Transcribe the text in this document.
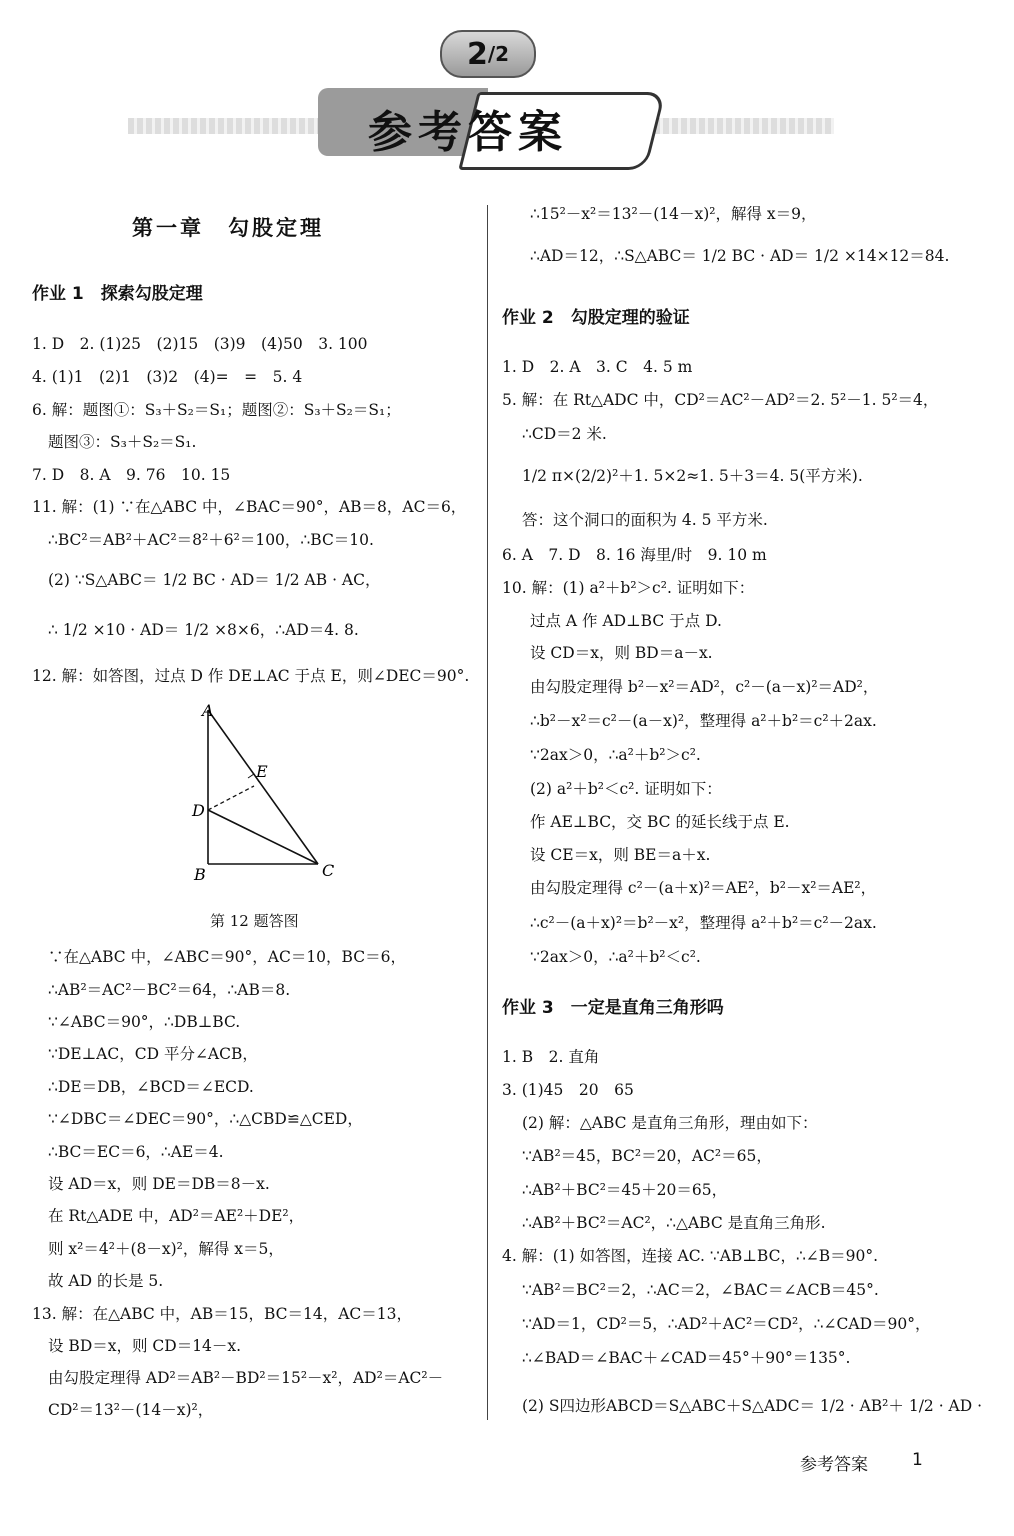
2 /2
参考答案
第一章　勾股定理
作业 1　探索勾股定理
1. D　2. (1)25　(2)15　(3)9　(4)50　3. 100
4. (1)1　(2)1　(3)2　(4)=　=　5. 4
6. 解：题图①：S₃＋S₂＝S₁；题图②：S₃＋S₂＝S₁；
题图③：S₃＋S₂＝S₁.
7. D　8. A　9. 76　10. 15
11. 解：(1) ∵在△ABC 中，∠BAC＝90°，AB＝8，AC＝6，
∴BC²＝AB²＋AC²＝8²＋6²＝100，∴BC＝10.
(2) ∵S△ABC＝ 1/2 BC · AD＝ 1/2 AB · AC，
∴ 1/2 ×10 · AD＝ 1/2 ×8×6，∴AD＝4. 8.
12. 解：如答图，过点 D 作 DE⊥AC 于点 E，则∠DEC＝90°.
A
D
E
B	C
第 12 题答图
∵在△ABC 中，∠ABC＝90°，AC＝10，BC＝6，
∴AB²＝AC²－BC²＝64，∴AB＝8.
∵∠ABC＝90°，∴DB⊥BC.
∵DE⊥AC，CD 平分∠ACB，
∴DE＝DB，∠BCD＝∠ECD.
∵∠DBC＝∠DEC＝90°，∴△CBD≌△CED，
∴BC＝EC＝6，∴AE＝4.
设 AD＝x，则 DE＝DB＝8－x.
在 Rt△ADE 中，AD²＝AE²＋DE²，
则 x²＝4²＋(8－x)²，解得 x＝5，
故 AD 的长是 5.
13. 解：在△ABC 中，AB＝15，BC＝14，AC＝13，
设 BD＝x，则 CD＝14－x.
由勾股定理得 AD²＝AB²－BD²＝15²－x²，AD²＝AC²－
CD²＝13²－(14－x)²，
∴15²－x²＝13²－(14－x)²，解得 x＝9，
∴AD＝12，∴S△ABC＝ 1/2 BC · AD＝ 1/2 ×14×12＝84.
作业 2　勾股定理的验证
1. D　2. A　3. C　4. 5 m
5. 解：在 Rt△ADC 中，CD²＝AC²－AD²＝2. 5²－1. 5²＝4，
∴CD＝2 米.
1/2 π×(2/2)²＋1. 5×2≈1. 5＋3＝4. 5(平方米).
答：这个洞口的面积为 4. 5 平方米.
6. A　7. D　8. 16 海里/时　9. 10 m
10. 解：(1) a²＋b²＞c². 证明如下：
过点 A 作 AD⊥BC 于点 D.
设 CD＝x，则 BD＝a－x.
由勾股定理得 b²－x²＝AD²，c²－(a－x)²＝AD²，
∴b²－x²＝c²－(a－x)²，整理得 a²＋b²＝c²＋2ax.
∵2ax＞0，∴a²＋b²＞c².
(2) a²＋b²＜c². 证明如下：
作 AE⊥BC，交 BC 的延长线于点 E.
设 CE＝x，则 BE＝a＋x.
由勾股定理得 c²－(a＋x)²＝AE²，b²－x²＝AE²，
∴c²－(a＋x)²＝b²－x²，整理得 a²＋b²＝c²－2ax.
∵2ax＞0，∴a²＋b²＜c².
作业 3　一定是直角三角形吗
1. B　2. 直角
3. (1)45　20　65
(2) 解：△ABC 是直角三角形，理由如下：
∵AB²＝45，BC²＝20，AC²＝65，
∴AB²＋BC²＝45＋20＝65，
∴AB²＋BC²＝AC²，∴△ABC 是直角三角形.
4. 解：(1) 如答图，连接 AC. ∵AB⊥BC，∴∠B＝90°.
∵AB²＝BC²＝2，∴AC＝2，∠BAC＝∠ACB＝45°.
∵AD＝1，CD²＝5，∴AD²＋AC²＝CD²，∴∠CAD＝90°，
∴∠BAD＝∠BAC＋∠CAD＝45°＋90°＝135°.
(2) S四边形ABCD＝S△ABC＋S△ADC＝ 1/2 · AB²＋ 1/2 · AD ·
参考答案	1
